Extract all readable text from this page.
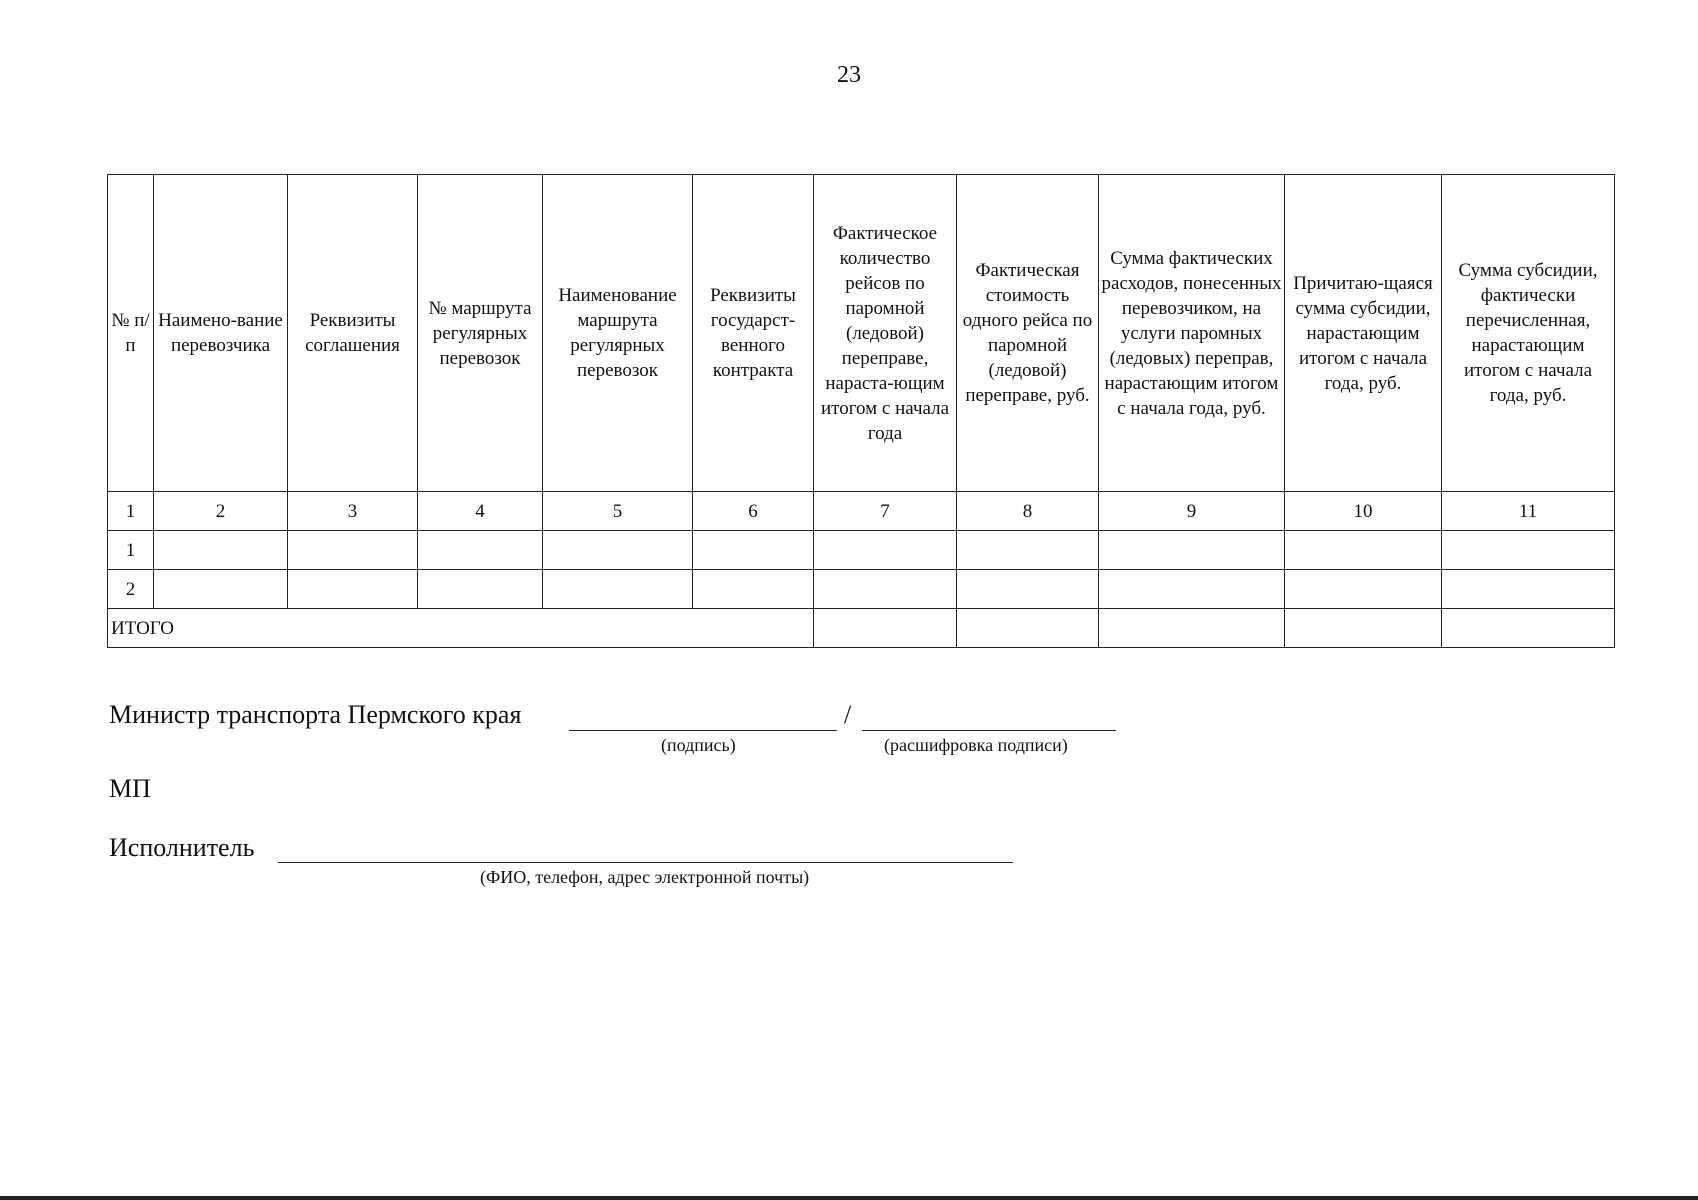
23
№ п/п	Наимено-вание перевозчика	Реквизиты соглашения	№ маршрута регулярных перевозок	Наименование маршрута регулярных перевозок	Реквизиты государст-венного контракта	Фактическое количество рейсов по паромной (ледовой) переправе, нараста-ющим итогом с начала года	Фактическая стоимость одного рейса по паромной (ледовой) переправе, руб.	Сумма фактических расходов, понесенных перевозчиком, на услуги паромных (ледовых) переправ, нарастающим итогом с начала года, руб.	Причитаю-щаяся сумма субсидии, нарастающим итогом с начала года, руб.	Сумма субсидии, фактически перечисленная, нарастающим итогом с начала года, руб.
1	2	3	4	5	6	7	8	9	10	11
1										
2										
ИТОГО										
Министр транспорта Пермского края	/
(подпись)	(расшифровка подписи)
МП
Исполнитель
(ФИО, телефон, адрес электронной почты)
